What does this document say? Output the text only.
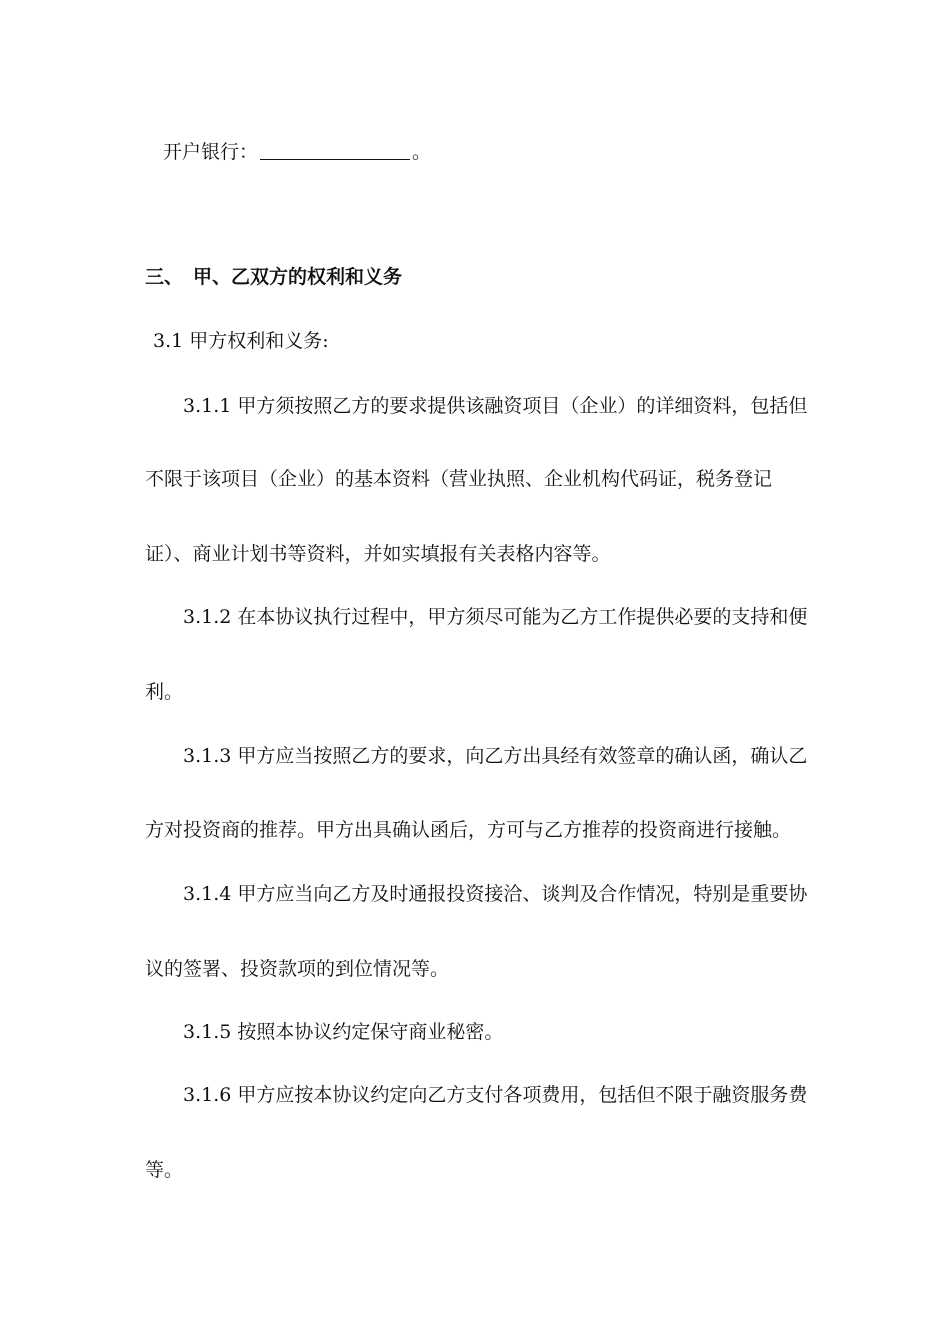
开户银行：	。
三、 甲、乙双方的权利和义务
3.1 甲方权利和义务:
3.1.1 甲方须按照乙方的要求提供该融资项目（企业）的详细资料，包括但
不限于该项目（企业）的基本资料（营业执照、企业机构代码证，税务登记
证）、商业计划书等资料，并如实填报有关表格内容等。
3.1.2 在本协议执行过程中，甲方须尽可能为乙方工作提供必要的支持和便
利。
3.1.3 甲方应当按照乙方的要求，向乙方出具经有效签章的确认函，确认乙
方对投资商的推荐。甲方出具确认函后，方可与乙方推荐的投资商进行接触。
3.1.4 甲方应当向乙方及时通报投资接洽、谈判及合作情况，特别是重要协
议的签署、投资款项的到位情况等。
3.1.5 按照本协议约定保守商业秘密。
3.1.6 甲方应按本协议约定向乙方支付各项费用，包括但不限于融资服务费
等。
